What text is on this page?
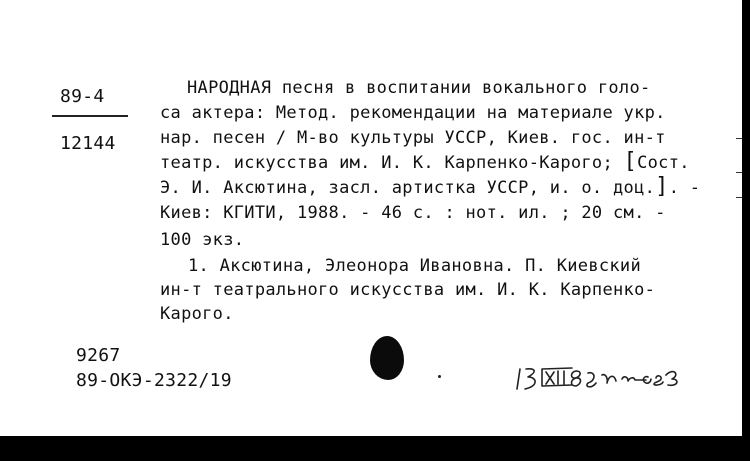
89-4
12144
НАРОДНАЯ песня в воспитании вокального голо-
са актера: Метод. рекомендации на материале укр.
нар. песен / М-во культуры УССР, Киев. гос. ин-т
театр. искусства им. И. К. Карпенко-Карого; [Сост.
Э. И. Аксютина, засл. артистка УССР, и. о. доц.]. -
Киев: КГИТИ, 1988. - 46 с. : нот. ил. ; 20 см. -
100 экз.
1. Аксютина, Элеонора Ивановна. П. Киевский
ин-т театрального искусства им. И. К. Карпенко-
Карого.
9267
89-ОКЭ-2322/19
